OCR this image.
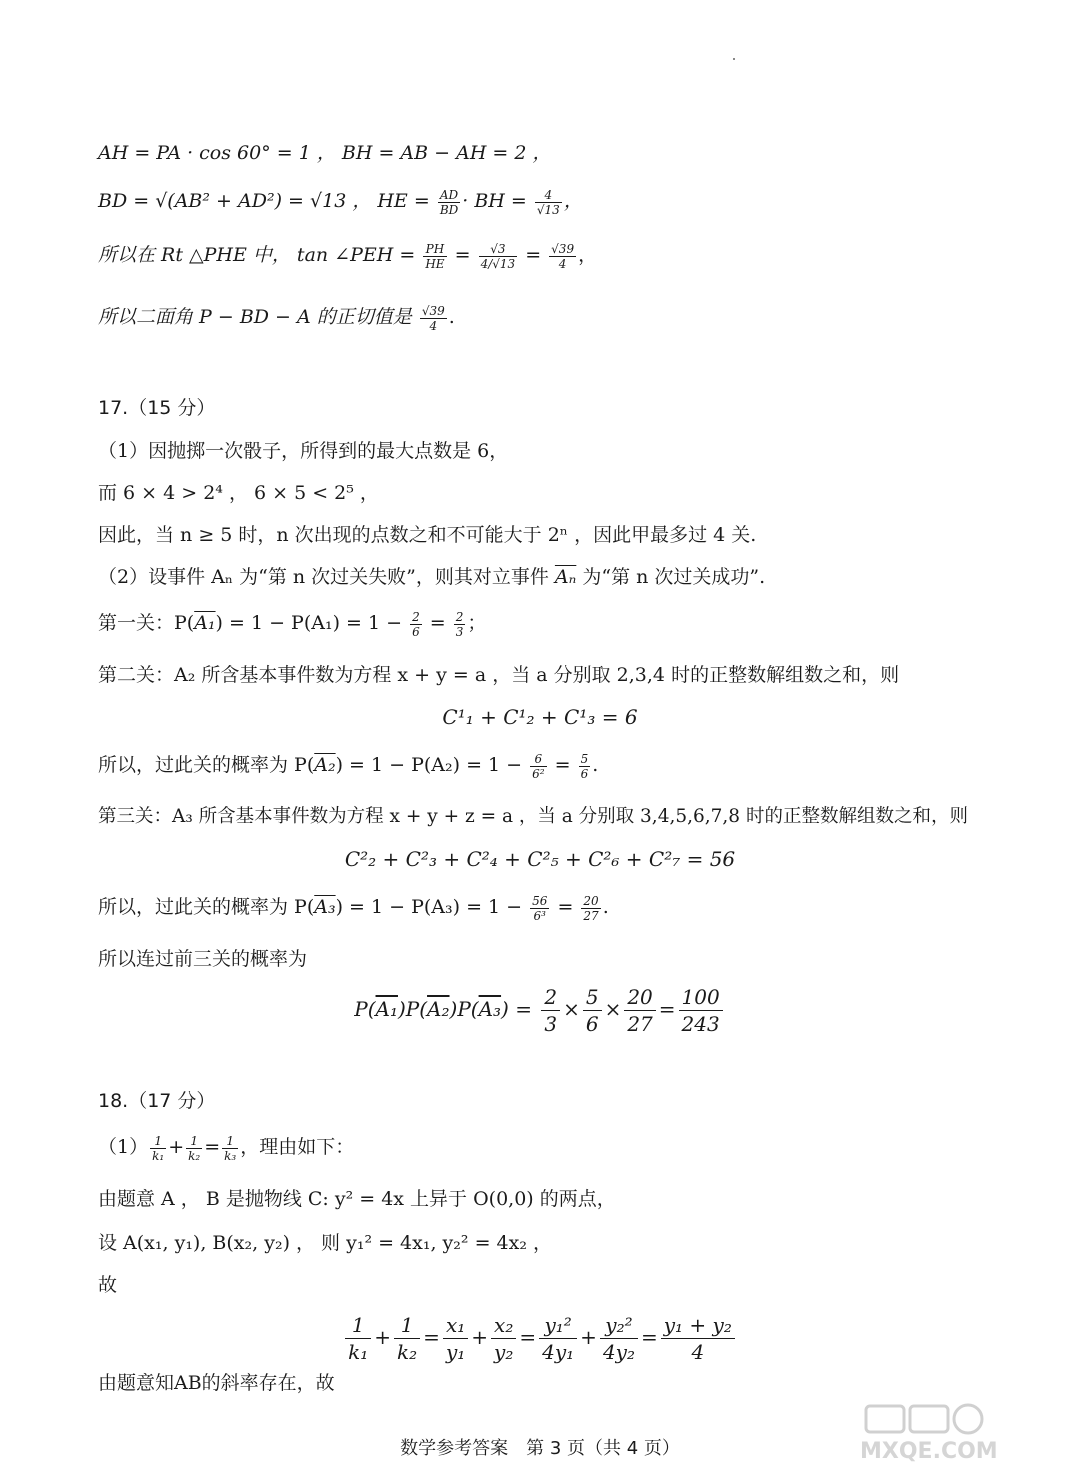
AH = PA · cos 60° = 1 ， BH = AB − AH = 2 ，
BD = √(AB² + AD²) = √13 ， HE = $\frac{AD}{BD}$ · BH = $\frac{4}{√13}$ ，
所以在 Rt △PHE 中， tan ∠PEH = $\frac{PH}{HE} = \frac{√3}{4/√13} = \frac{√39}{4}$ ，
所以二面角 P − BD − A 的正切值是 $\frac{√39}{4}$ .
17.（15 分）
（1）因抛掷一次骰子，所得到的最大点数是 6，
而 6 × 4 > 2⁴ ， 6 × 5 < 2⁵ ，
因此，当 n ≥ 5 时，n 次出现的点数之和不可能大于 2ⁿ ，因此甲最多过 4 关.
（2）设事件 Aₙ 为“第 n 次过关失败”，则其对立事件 $\overline{A_n}$ 为“第 n 次过关成功”.
第一关：$P(A_1) = 1 - P(A_1) = 1 - \frac{2}{6} = \frac{2}{3}$ ；
第二关：A₂ 所含基本事件数为方程 x + y = a ，当 a 分别取 2,3,4 时的正整数解组数之和，则
C¹₁ + C¹₂ + C¹₃ = 6
所以，过此关的概率为 $P(A_2) = 1 - P(A_2) = 1 - \frac{6}{\text{6²}} = \frac{5}{6}$ .
第三关：A₃ 所含基本事件数为方程 x + y + z = a ，当 a 分别取 3,4,5,6,7,8 时的正整数解组数之和，则
C²₂ + C²₃ + C²₄ + C²₅ + C²₆ + C²₇ = 56
所以，过此关的概率为 $P(A_3) = 1 - P(A_3) = 1 - \frac{56}{\text{6³}} = \frac{20}{27}$ .
所以连过前三关的概率为
$P(A_1)P(A_2)P(A_3) = \frac{2}{3} \times \frac{5}{6} \times \frac{20}{27} = \frac{100}{243}$
18.（17 分）
$(1) \frac{1}{\text{k₁}} + \frac{1}{\text{k₂}} = \frac{1}{\text{k₃}}$ ，理由如下：
由题意 A ， B 是抛物线 C: y² = 4x 上异于 O(0,0) 的两点，
设 A(x₁, y₁), B(x₂, y₂) ， 则 y₁² = 4x₁, y₂² = 4x₂ ，
故
$\frac{1}{\text{k₁}} + \frac{1}{\text{k₂}} = \frac{\text{x₁}}{\text{y₁}} + \frac{\text{x₂}}{\text{y₂}} = \frac{\text{y₁²}}{\text{4y₁}} + \frac{\text{y₂²}}{\text{4y₂}} = \frac{\text{y₁ + y₂}}{4}$
由题意知AB的斜率存在，故
MXQE.COM
数学参考答案　第 3 页（共 4 页）
